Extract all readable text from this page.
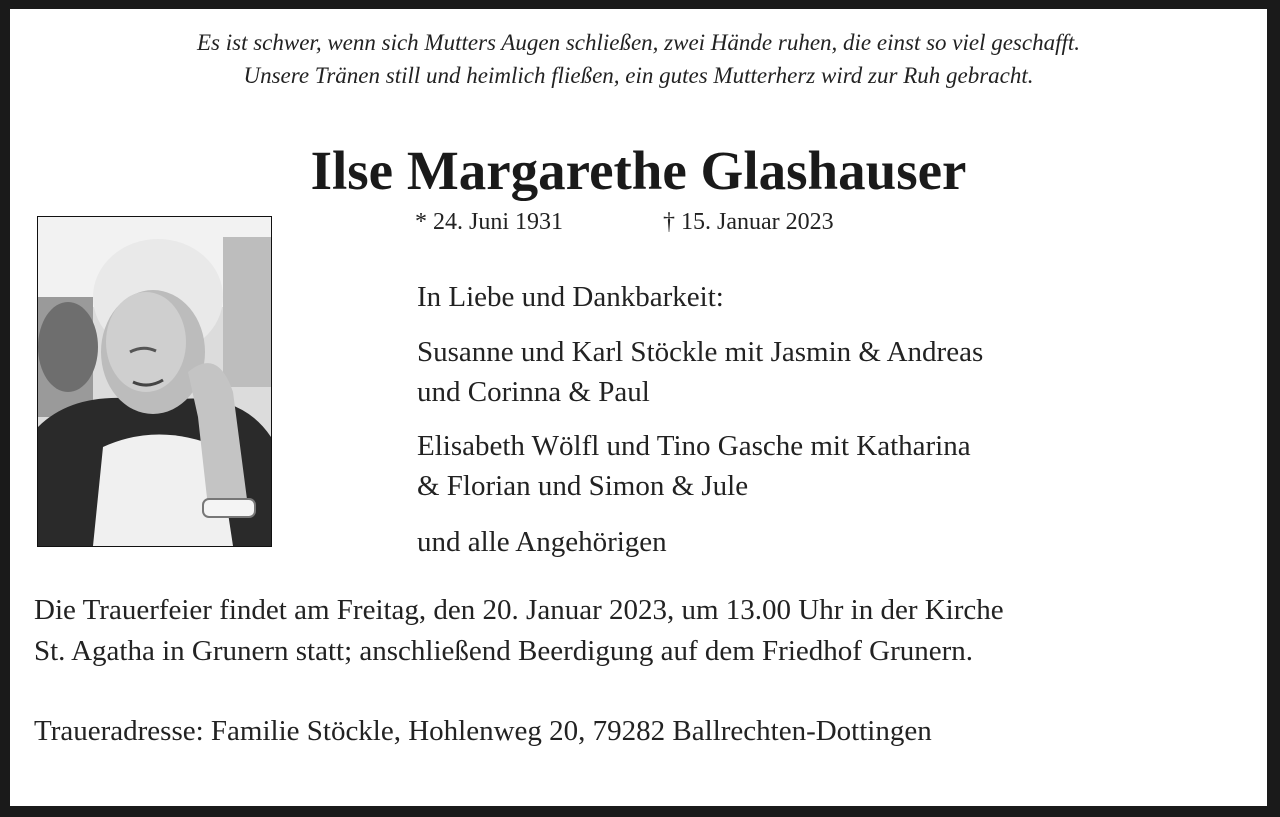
Es ist schwer, wenn sich Mutters Augen schließen, zwei Hände ruhen, die einst so viel geschafft.
Unsere Tränen still und heimlich fließen, ein gutes Mutterherz wird zur Ruh gebracht.
Ilse Margarethe Glashauser
* 24. Juni 1931	† 15. Januar 2023
In Liebe und Dankbarkeit:
Susanne und Karl Stöckle mit Jasmin & Andreas
und Corinna & Paul
Elisabeth Wölfl und Tino Gasche mit Katharina
& Florian und Simon & Jule
und alle Angehörigen
Die Trauerfeier findet am Freitag, den 20. Januar 2023, um 13.00 Uhr in der Kirche
St. Agatha in Grunern statt; anschließend Beerdigung auf dem Friedhof Grunern.
Traueradresse: Familie Stöckle, Hohlenweg 20, 79282 Ballrechten-Dottingen
